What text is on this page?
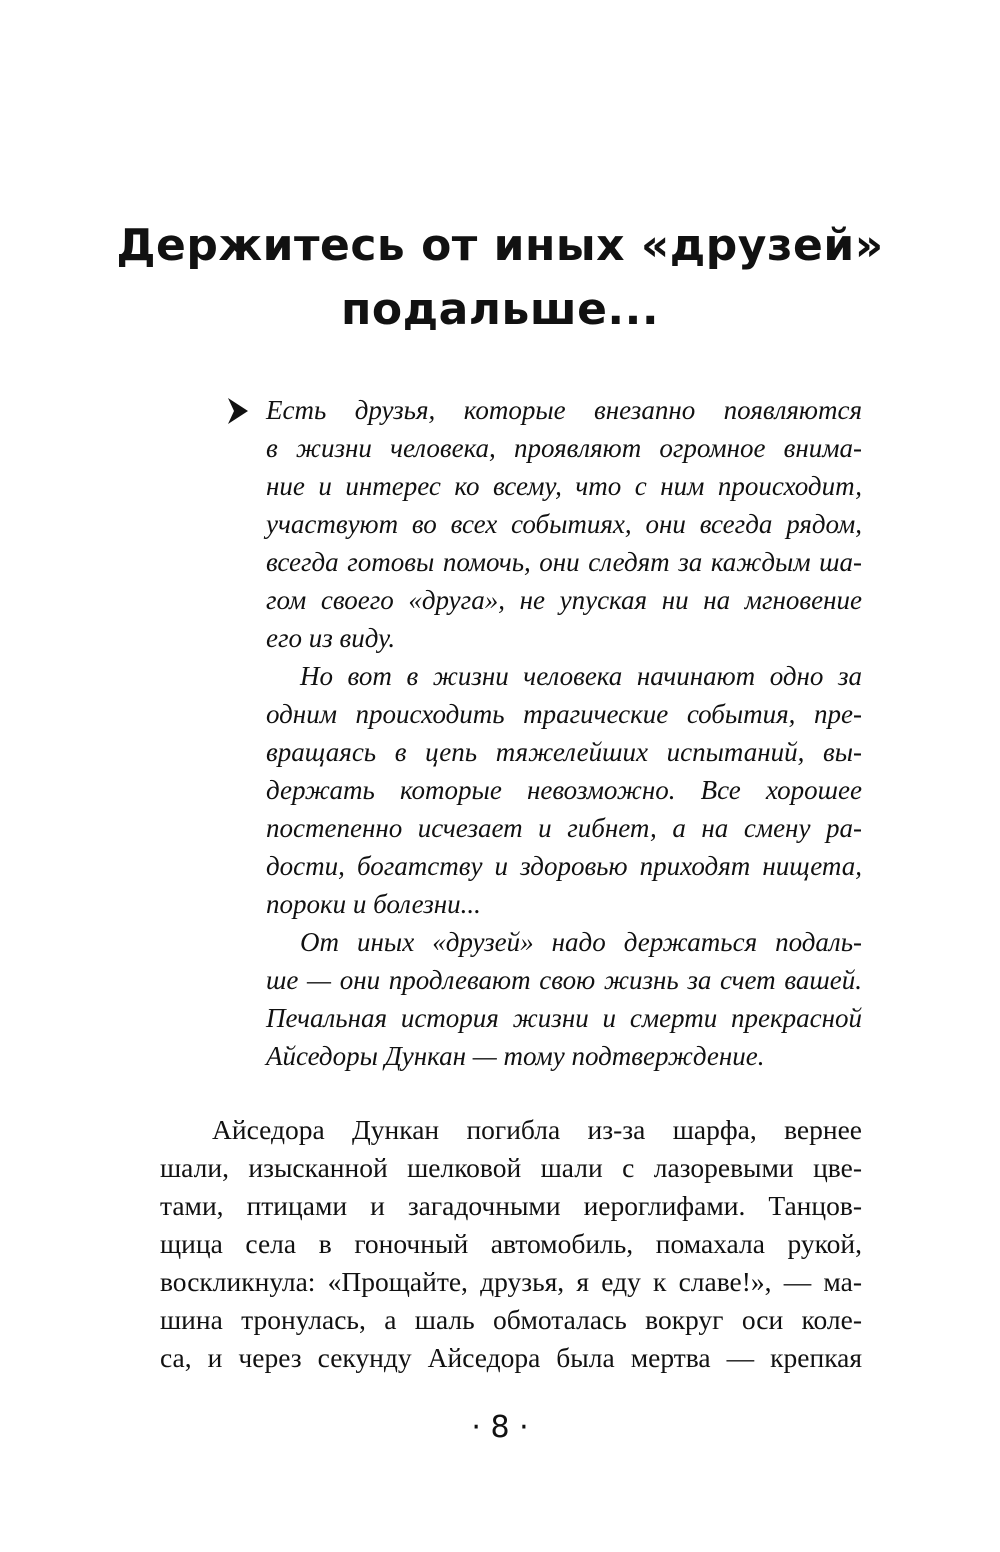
Держитесь от иных «друзей»
подальше...
Есть друзья, которые внезапно появляются
в жизни человека, проявляют огромное внима-
ние и интерес ко всему, что с ним происходит,
участвуют во всех событиях, они всегда рядом,
всегда готовы помочь, они следят за каждым ша-
гом своего «друга», не упуская ни на мгновение
его из виду.
Но вот в жизни человека начинают одно за
одним происходить трагические события, пре-
вращаясь в цепь тяжелейших испытаний, вы-
держать которые невозможно. Все хорошее
постепенно исчезает и гибнет, а на смену ра-
дости, богатству и здоровью приходят нищета,
пороки и болезни...
От иных «друзей» надо держаться подаль-
ше — они продлевают свою жизнь за счет вашей.
Печальная история жизни и смерти прекрасной
Айседоры Дункан — тому подтверждение.
Айседора Дункан погибла из-за шарфа, вернее
шали, изысканной шелковой шали с лазоревыми цве-
тами, птицами и загадочными иероглифами. Танцов-
щица села в гоночный автомобиль, помахала рукой,
воскликнула: «Прощайте, друзья, я еду к славе!», — ма-
шина тронулась, а шаль обмоталась вокруг оси коле-
са, и через секунду Айседора была мертва — крепкая
· 8 ·
